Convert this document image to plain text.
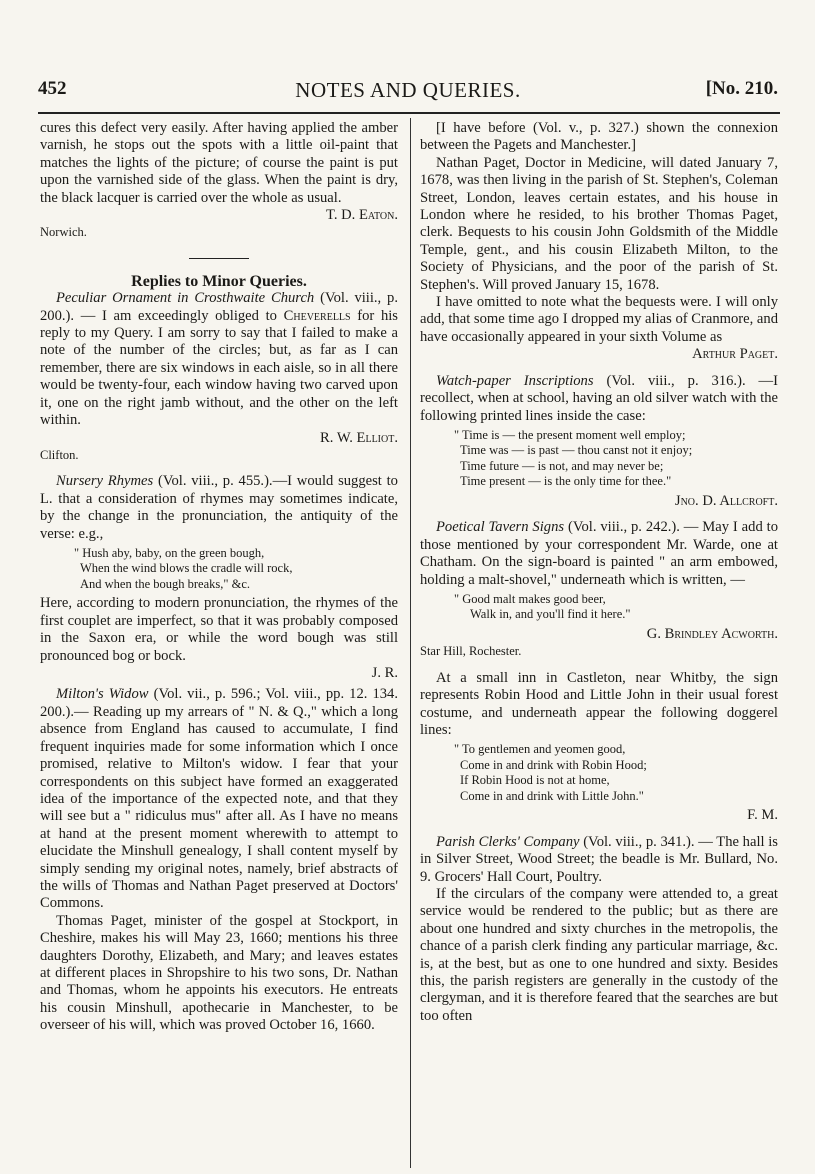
452	NOTES AND QUERIES.	[No. 210.

cures this defect very easily. After having applied the amber varnish, he stops out the spots with a little oil-paint that matches the lights of the picture; of course the paint is put upon the varnished side of the glass. When the paint is dry, the black lacquer is carried over the whole as usual.

T. D. Eaton.

Norwich.

Replies to Minor Queries.

Peculiar Ornament in Crosthwaite Church (Vol. viii., p. 200.). — I am exceedingly obliged to Cheverells for his reply to my Query. I am sorry to say that I failed to make a note of the number of the circles; but, as far as I can remember, there are six windows in each aisle, so in all there would be twenty-four, each window having two carved upon it, one on the right jamb without, and the other on the left within.

R. W. Elliot.

Clifton.

Nursery Rhymes (Vol. viii., p. 455.).—I would suggest to L. that a consideration of rhymes may sometimes indicate, by the change in the pronunciation, the antiquity of the verse: e.g.,

" Hush aby, baby, on the green bough,
When the wind blows the cradle will rock,
And when the bough breaks," &c.

Here, according to modern pronunciation, the rhymes of the first couplet are imperfect, so that it was probably composed in the Saxon era, or while the word bough was still pronounced bog or bock.

J. R.

Milton's Widow (Vol. vii., p. 596.; Vol. viii., pp. 12. 134. 200.).— Reading up my arrears of " N. & Q.," which a long absence from England has caused to accumulate, I find frequent inquiries made for some information which I once promised, relative to Milton's widow. I fear that your correspondents on this subject have formed an exaggerated idea of the importance of the expected note, and that they will see but a " ridiculus mus" after all. As I have no means at hand at the present moment wherewith to attempt to elucidate the Minshull genealogy, I shall content myself by simply sending my original notes, namely, brief abstracts of the wills of Thomas and Nathan Paget preserved at Doctors' Commons.

Thomas Paget, minister of the gospel at Stockport, in Cheshire, makes his will May 23, 1660; mentions his three daughters Dorothy, Elizabeth, and Mary; and leaves estates at different places in Shropshire to his two sons, Dr. Nathan and Thomas, whom he appoints his executors. He entreats his cousin Minshull, apothecarie in Manchester, to be overseer of his will, which was proved October 16, 1660.

[I have before (Vol. v., p. 327.) shown the connexion between the Pagets and Manchester.]

Nathan Paget, Doctor in Medicine, will dated January 7, 1678, was then living in the parish of St. Stephen's, Coleman Street, London, leaves certain estates, and his house in London where he resided, to his brother Thomas Paget, clerk. Bequests to his cousin John Goldsmith of the Middle Temple, gent., and his cousin Elizabeth Milton, to the Society of Physicians, and the poor of the parish of St. Stephen's. Will proved January 15, 1678.

I have omitted to note what the bequests were. I will only add, that some time ago I dropped my alias of Cranmore, and have occasionally appeared in your sixth Volume as

Arthur Paget.

Watch-paper Inscriptions (Vol. viii., p. 316.). —I recollect, when at school, having an old silver watch with the following printed lines inside the case:

" Time is — the present moment well employ;
Time was — is past — thou canst not it enjoy;
Time future — is not, and may never be;
Time present — is the only time for thee."

Jno. D. Allcroft.

Poetical Tavern Signs (Vol. viii., p. 242.). — May I add to those mentioned by your correspondent Mr. Warde, one at Chatham. On the sign-board is painted " an arm embowed, holding a malt-shovel," underneath which is written, —

" Good malt makes good beer,
Walk in, and you'll find it here."

G. Brindley Acworth.

Star Hill, Rochester.

At a small inn in Castleton, near Whitby, the sign represents Robin Hood and Little John in their usual forest costume, and underneath appear the following doggerel lines:

" To gentlemen and yeomen good,
Come in and drink with Robin Hood;
If Robin Hood is not at home,
Come in and drink with Little John."

F. M.

Parish Clerks' Company (Vol. viii., p. 341.). — The hall is in Silver Street, Wood Street; the beadle is Mr. Bullard, No. 9. Grocers' Hall Court, Poultry.

If the circulars of the company were attended to, a great service would be rendered to the public; but as there are about one hundred and sixty churches in the metropolis, the chance of a parish clerk finding any particular marriage, &c. is, at the best, but as one to one hundred and sixty. Besides this, the parish registers are generally in the custody of the clergyman, and it is therefore feared that the searches are but too often
